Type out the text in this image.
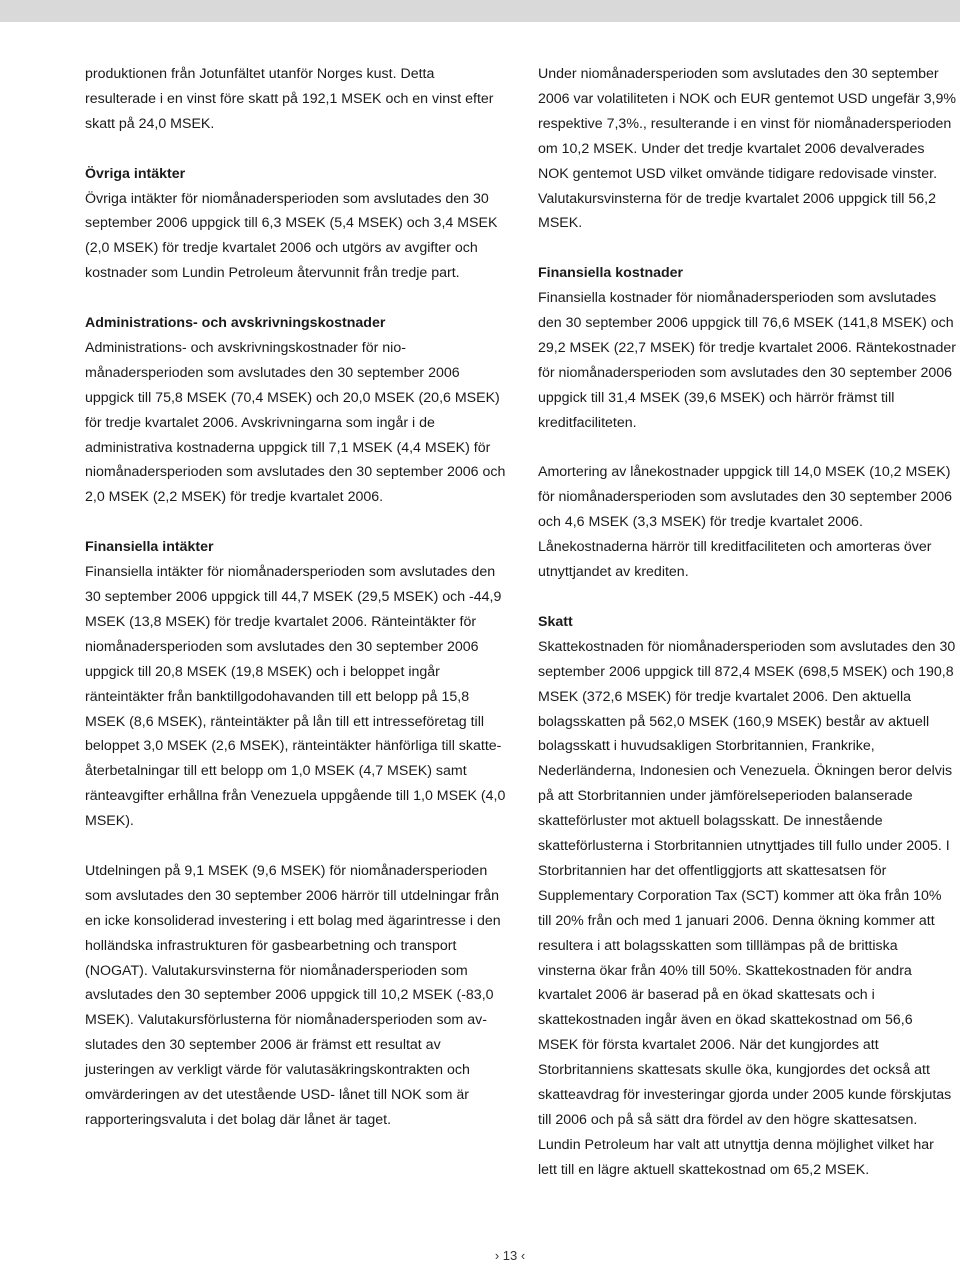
produktionen från Jotunfältet utanför Norges kust. Detta resulterade i en vinst före skatt på 192,1 MSEK och en vinst efter skatt på 24,0 MSEK.

Övriga intäkter

Övriga intäkter för niomånadersperioden som avslutades den 30 september 2006 uppgick till 6,3 MSEK (5,4 MSEK) och 3,4 MSEK (2,0 MSEK) för tredje kvartalet 2006 och utgörs av avgifter och kostnader som Lundin Petroleum återvunnit från tredje part.

Administrations- och avskrivningskostnader

Administrations- och avskrivningskostnader för niomånadersperioden som avslutades den 30 september 2006 uppgick till 75,8 MSEK (70,4 MSEK) och 20,0 MSEK (20,6 MSEK) för tredje kvartalet 2006. Avskrivningarna som ingår i de administrativa kostnaderna uppgick till 7,1 MSEK (4,4 MSEK) för niomånadersperioden som avslutades den 30 september 2006 och 2,0 MSEK (2,2 MSEK) för tredje kvartalet 2006.

Finansiella intäkter

Finansiella intäkter för niomånadersperioden som avslutades den 30 september 2006 uppgick till 44,7 MSEK (29,5 MSEK) och -44,9 MSEK (13,8 MSEK) för tredje kvartalet 2006. Ränteintäkter för niomånadersperioden som avslutades den 30 september 2006 uppgick till 20,8 MSEK (19,8 MSEK) och i beloppet ingår ränteintäkter från banktillgodohavanden till ett belopp på 15,8 MSEK (8,6 MSEK), ränteintäkter på lån till ett intresseföretag till beloppet 3,0 MSEK (2,6 MSEK), ränteintäkter hänförliga till skatteåterbetalningar till ett belopp om 1,0 MSEK (4,7 MSEK) samt ränteavgifter erhållna från Venezuela uppgående till 1,0 MSEK (4,0 MSEK).

Utdelningen på 9,1 MSEK (9,6 MSEK) för niomånadersperioden som avslutades den 30 september 2006 härrör till utdelningar från en icke konsoliderad investering i ett bolag med ägarintresse i den holländska infrastrukturen för gasbearbetning och transport (NOGAT). Valutakursvinsterna för niomånadersperioden som avslutades den 30 september 2006 uppgick till 10,2 MSEK (-83,0 MSEK). Valutakursförlusterna för niomånadersperioden som avslutades den 30 september 2006 är främst ett resultat av justeringen av verkligt värde för valutasäkringskontrakten och omvärderingen av det utestående USD- lånet till NOK som är rapporteringsvaluta i det bolag där lånet är taget.

Under niomånadersperioden som avslutades den 30 september 2006 var volatiliteten i NOK och EUR gentemot USD ungefär 3,9% respektive 7,3%., resulterande i en vinst för niomånadersperioden om 10,2 MSEK. Under det tredje kvartalet 2006 devalverades NOK gentemot USD vilket omvände tidigare redovisade vinster. Valutakursvinsterna för de tredje kvartalet 2006 uppgick till 56,2 MSEK.

Finansiella kostnader

Finansiella kostnader för niomånadersperioden som avslutades den 30 september 2006 uppgick till 76,6 MSEK (141,8 MSEK) och 29,2 MSEK (22,7 MSEK) för tredje kvartalet 2006. Räntekostnader för niomånadersperioden som avslutades den 30 september 2006 uppgick till 31,4 MSEK (39,6 MSEK) och härrör främst till kreditfaciliteten.

Amortering av lånekostnader uppgick till 14,0 MSEK (10,2 MSEK) för niomånadersperioden som avslutades den 30 september 2006 och 4,6 MSEK (3,3 MSEK) för tredje kvartalet 2006. Lånekostnaderna härrör till kreditfaciliteten och amorteras över utnyttjandet av krediten.

Skatt

Skattekostnaden för niomånadersperioden som avslutades den 30 september 2006 uppgick till 872,4 MSEK (698,5 MSEK) och 190,8 MSEK (372,6 MSEK) för tredje kvartalet 2006. Den aktuella bolagsskatten på 562,0 MSEK (160,9 MSEK) består av aktuell bolagsskatt i huvudsakligen Storbritannien, Frankrike, Nederländerna, Indonesien och Venezuela. Ökningen beror delvis på att Storbritannien under jämförelseperioden balanserade skatteförluster mot aktuell bolagsskatt. De innestående skatteförlusterna i Storbritannien utnyttjades till fullo under 2005. I Storbritannien har det offentliggjorts att skattesatsen för Supplementary Corporation Tax (SCT) kommer att öka från 10% till 20% från och med 1 januari 2006. Denna ökning kommer att resultera i att bolagsskatten som tilllämpas på de brittiska vinsterna ökar från 40% till 50%. Skattekostnaden för andra kvartalet 2006 är baserad på en ökad skattesats och i skattekostnaden ingår även en ökad skattekostnad om 56,6 MSEK för första kvartalet 2006. När det kungjordes att Storbritanniens skattesats skulle öka, kungjordes det också att skatteavdrag för investeringar gjorda under 2005 kunde förskjutas till 2006 och på så sätt dra fördel av den högre skattesatsen. Lundin Petroleum har valt att utnyttja denna möjlighet vilket har lett till en lägre aktuell skattekostnad om 65,2 MSEK.

› 13 ‹
